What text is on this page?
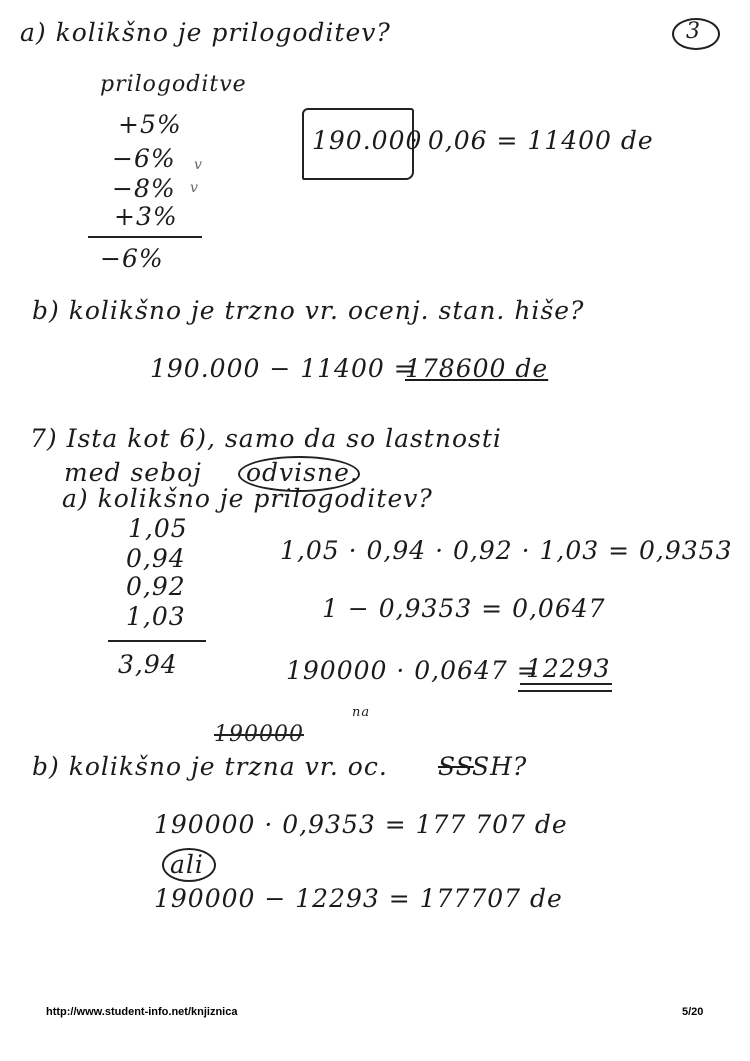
3
a) kolikšno je prilogoditev?
prilogoditve
+5%
−6%
−8%
+3%
v
v
−6%
190.000
· 0,06 = 11400 de
b) kolikšno je trzno vr. ocenj. stan. hiše?
190.000 − 11400 =
178600 de
7) Ista kot 6), samo da so lastnosti
med seboj odvisne.
a) kolikšno je prilogoditev?
1,05
0,94
0,92
1,03
3,94
1,05 · 0,94 · 0,92 · 1,03 = 0,9353
1 − 0,9353 = 0,0647
190000 · 0,0647 =
12293
190000
na
b) kolikšno je trzna vr. oc. SS
SH?
190000 · 0,9353 = 177 707 de
ali
190000 − 12293 = 177707 de
http://www.student-info.net/knjiznica	5/20
